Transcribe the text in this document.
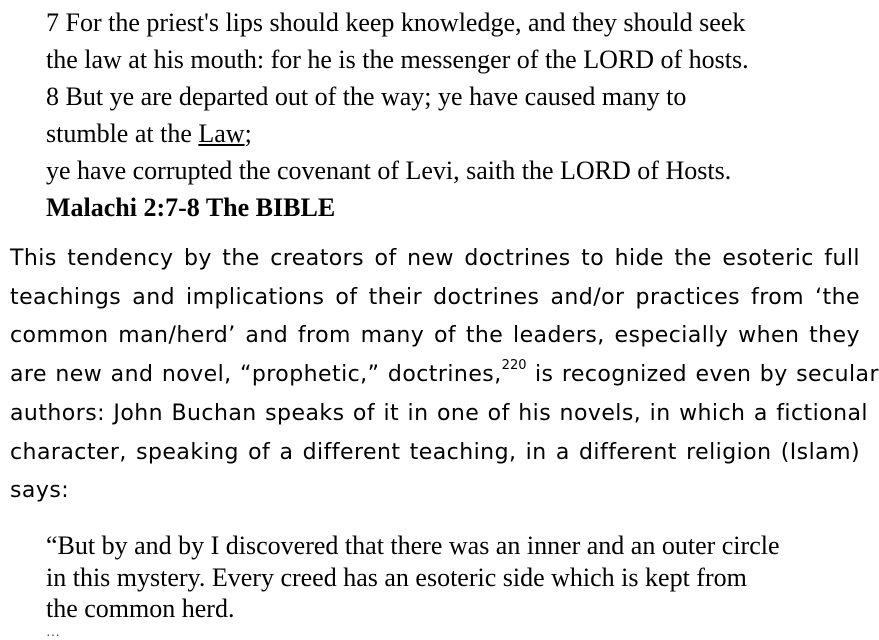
7 For the priest's lips should keep knowledge, and they should seek
the law at his mouth: for he is the messenger of the LORD of hosts.
8 But ye are departed out of the way; ye have caused many to
stumble at the Law;
ye have corrupted the covenant of Levi, saith the LORD of Hosts.
Malachi 2:7-8 The BIBLE
This tendency by the creators of new doctrines to hide the esoteric full
teachings and implications of their doctrines and/or practices from ‘the
common man/herd’ and from many of the leaders, especially when they
are new and novel, “prophetic,” doctrines,$^{220}$ is recognized even by secular
authors: John Buchan speaks of it in one of his novels, in which a fictional
character, speaking of a different teaching, in a different religion (Islam)
says:
“But by and by I discovered that there was an inner and an outer circle
in this mystery. Every creed has an esoteric side which is kept from
the common herd.
…
